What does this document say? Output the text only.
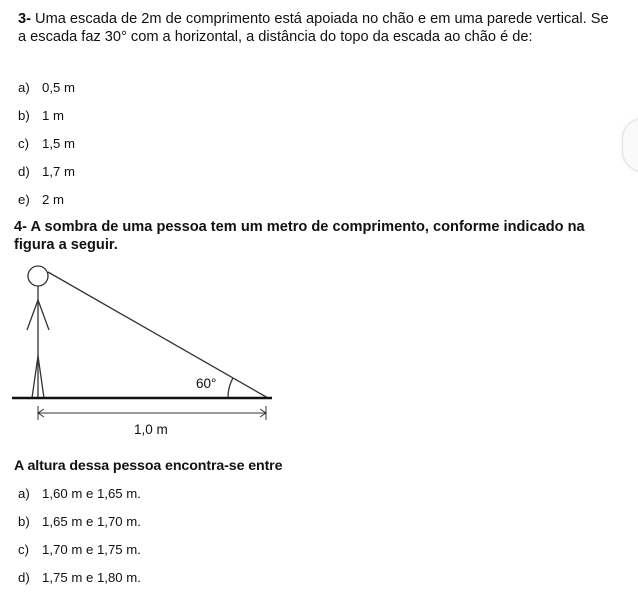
3- Uma escada de 2m de comprimento está apoiada no chão e em uma parede vertical. Se a escada faz 30° com a horizontal, a distância do topo da escada ao chão é de:
a) 0,5 m
b) 1 m
c) 1,5 m
d) 1,7 m
e) 2 m
4- A sombra de uma pessoa tem um metro de comprimento, conforme indicado na figura a seguir.
60°
1,0 m
A altura dessa pessoa encontra-se entre
a) 1,60 m e 1,65 m.
b) 1,65 m e 1,70 m.
c) 1,70 m e 1,75 m.
d) 1,75 m e 1,80 m.
